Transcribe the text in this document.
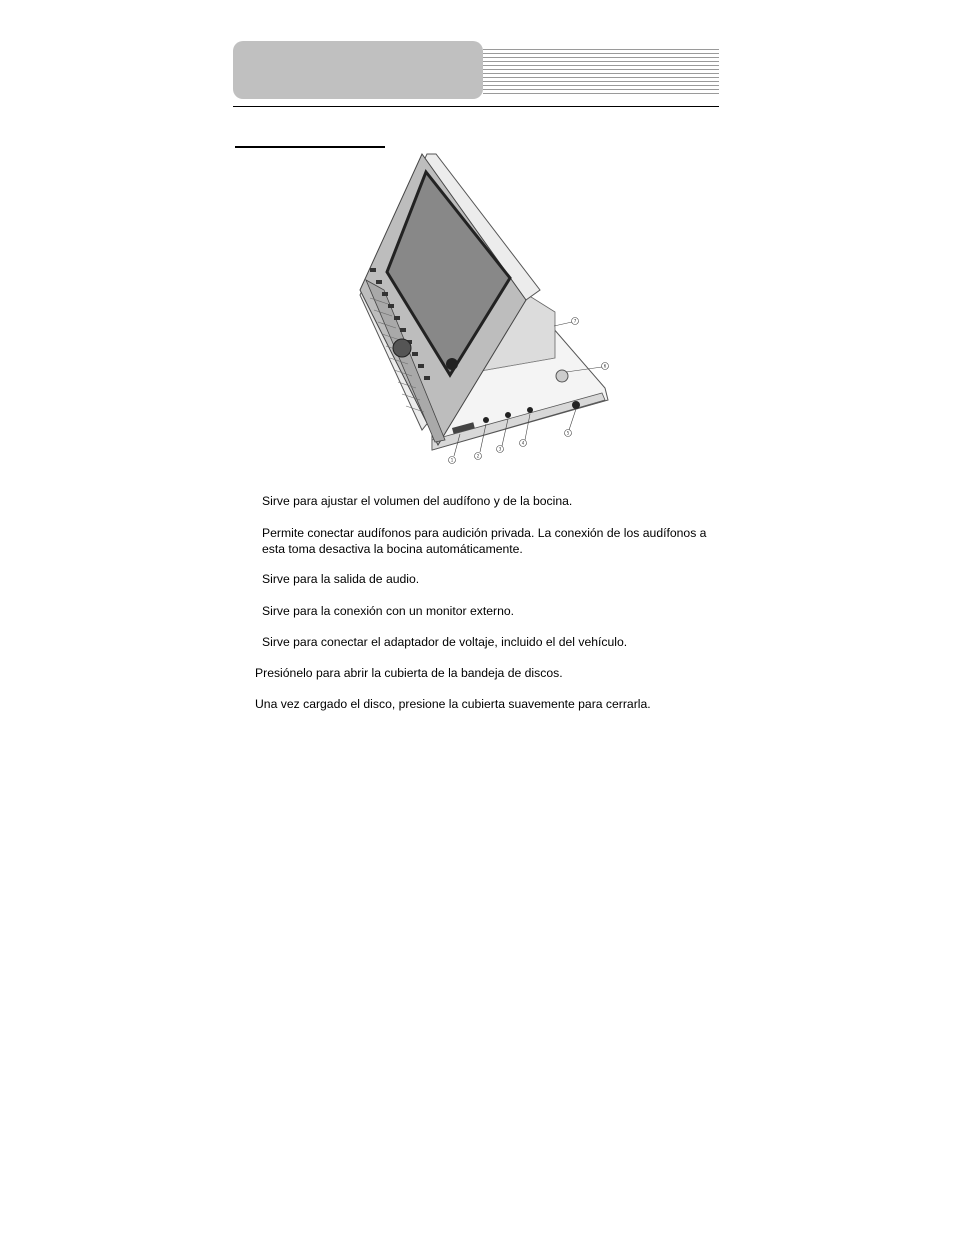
1
2
3
4
5
6
7
Sirve para ajustar el volumen del audífono y de la bocina.
Permite conectar audífonos para audición privada. La conexión de los audífonos a esta toma desactiva la bocina automáticamente.
Sirve para la salida de audio.
Sirve para la conexión con un monitor externo.
Sirve para conectar el adaptador de voltaje, incluido el del vehículo.
Presiónelo para abrir la cubierta de la bandeja de discos.
Una vez cargado el disco, presione la cubierta suavemente para cerrarla.
